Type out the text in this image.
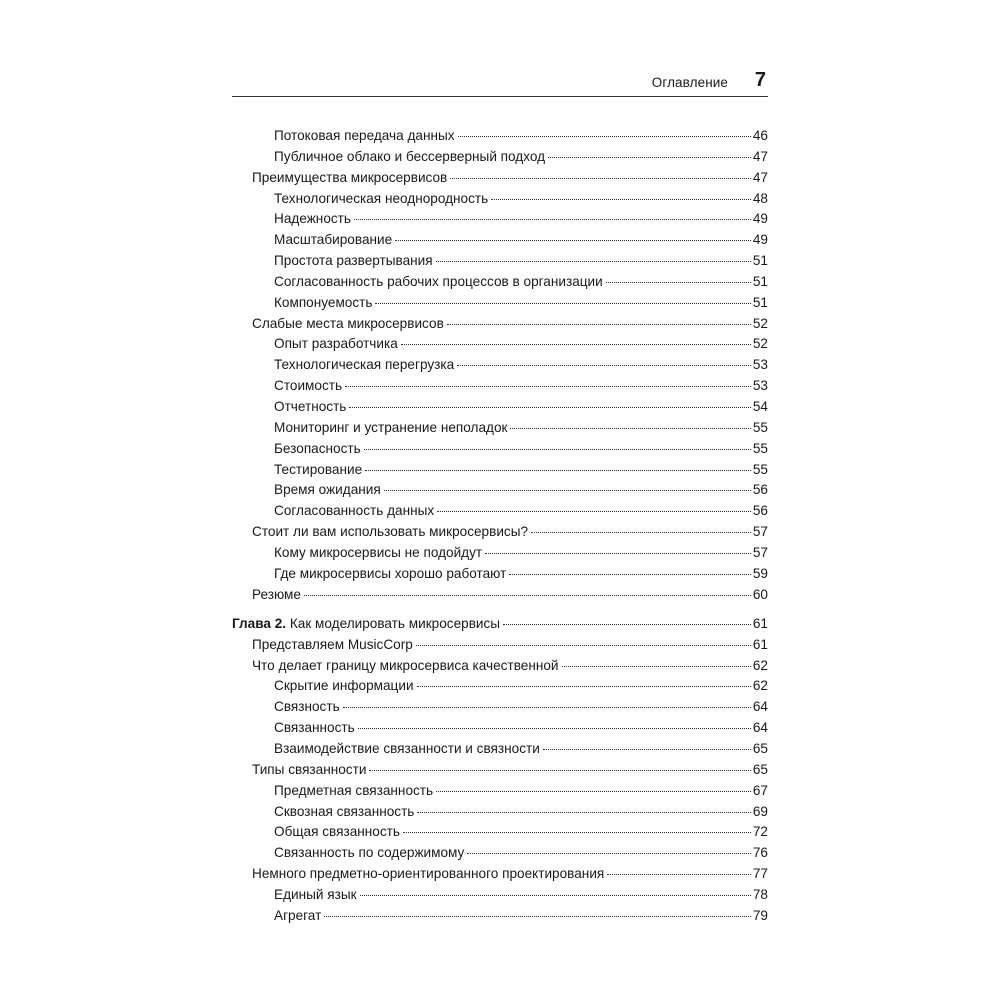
Оглавление 7
Потоковая передача данных	46
Публичное облако и бессерверный подход	47
Преимущества микросервисов	47
Технологическая неоднородность	48
Надежность	49
Масштабирование	49
Простота развертывания	51
Согласованность рабочих процессов в организации	51
Компонуемость	51
Слабые места микросервисов	52
Опыт разработчика	52
Технологическая перегрузка	53
Стоимость	53
Отчетность	54
Мониторинг и устранение неполадок	55
Безопасность	55
Тестирование	55
Время ожидания	56
Согласованность данных	56
Стоит ли вам использовать микросервисы?	57
Кому микросервисы не подойдут	57
Где микросервисы хорошо работают	59
Резюме	60
Глава 2. Как моделировать микросервисы	61
Представляем MusicCorp	61
Что делает границу микросервиса качественной	62
Скрытие информации	62
Связность	64
Связанность	64
Взаимодействие связанности и связности	65
Типы связанности	65
Предметная связанность	67
Сквозная связанность	69
Общая связанность	72
Связанность по содержимому	76
Немного предметно-ориентированного проектирования	77
Единый язык	78
Агрегат	79
